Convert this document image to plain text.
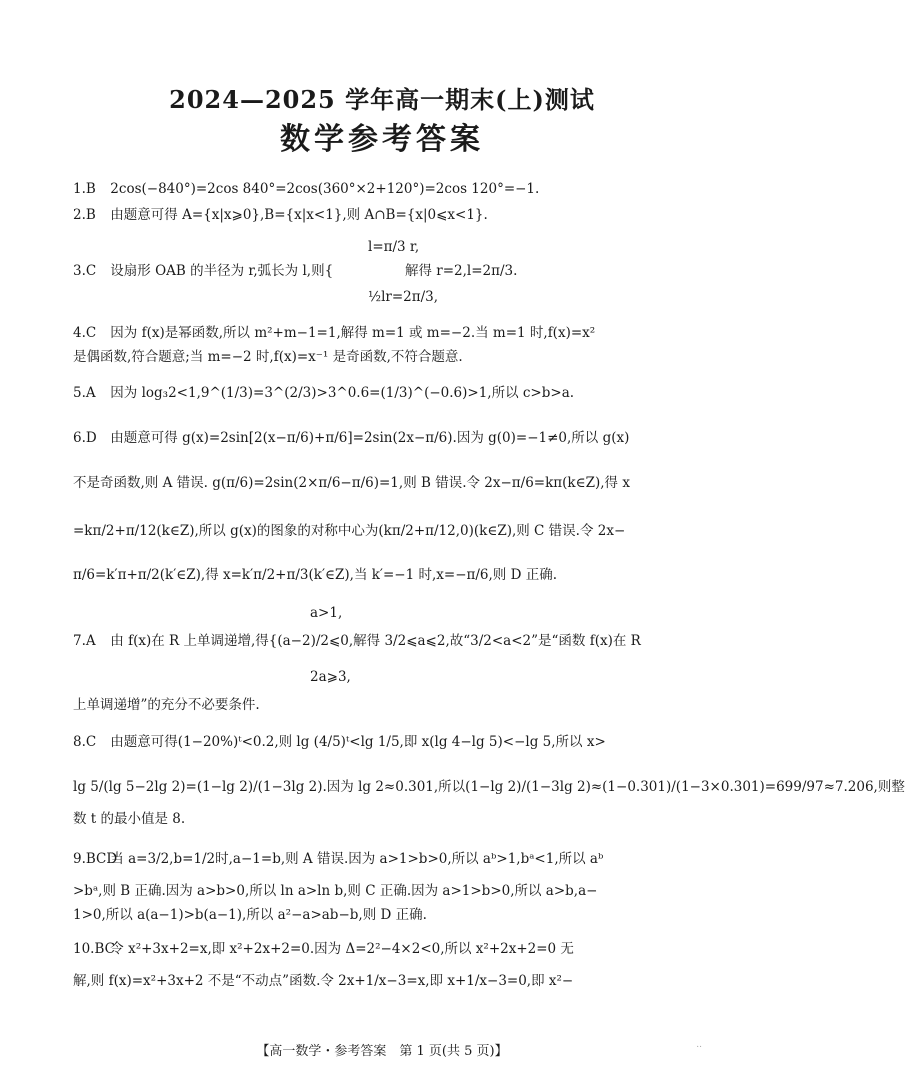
2024—2025 学年高一期末(上)测试
数学参考答案
1.B 2cos(−840°)=2cos 840°=2cos(360°×2+120°)=2cos 120°=−1.
2.B 由题意可得 A={x|x⩾0},B={x|x<1},则 A∩B={x|0⩽x<1}.
l=π/3 r,
3.C 设扇形 OAB 的半径为 r,弧长为 l,则{　　　　　 解得 r=2,l=2π/3.
½lr=2π/3,
4.C 因为 f(x)是幂函数,所以 m²+m−1=1,解得 m=1 或 m=−2.当 m=1 时,f(x)=x²
是偶函数,符合题意;当 m=−2 时,f(x)=x⁻¹ 是奇函数,不符合题意.
5.A 因为 log₃2<1,9^(1/3)=3^(2/3)>3^0.6=(1/3)^(−0.6)>1,所以 c>b>a.
6.D 由题意可得 g(x)=2sin[2(x−π/6)+π/6]=2sin(2x−π/6).因为 g(0)=−1≠0,所以 g(x)
不是奇函数,则 A 错误. g(π/6)=2sin(2×π/6−π/6)=1,则 B 错误.令 2x−π/6=kπ(k∈Z),得 x
=kπ/2+π/12(k∈Z),所以 g(x)的图象的对称中心为(kπ/2+π/12,0)(k∈Z),则 C 错误.令 2x−
π/6=k′π+π/2(k′∈Z),得 x=k′π/2+π/3(k′∈Z),当 k′=−1 时,x=−π/6,则 D 正确.
a>1,
7.A 由 f(x)在 R 上单调递增,得{(a−2)/2⩽0,解得 3/2⩽a⩽2,故“3/2<a<2”是“函数 f(x)在 R
2a⩾3,
上单调递增”的充分不必要条件.
8.C 由题意可得(1−20%)ᵗ<0.2,则 lg (4/5)ᵗ<lg 1/5,即 x(lg 4−lg 5)<−lg 5,所以 x>
lg 5/(lg 5−2lg 2)=(1−lg 2)/(1−3lg 2).因为 lg 2≈0.301,所以(1−lg 2)/(1−3lg 2)≈(1−0.301)/(1−3×0.301)=699/97≈7.206,则整
数 t 的最小值是 8.
9.BCD 当 a=3/2,b=1/2时,a−1=b,则 A 错误.因为 a>1>b>0,所以 aᵇ>1,bᵃ<1,所以 aᵇ
>bᵃ,则 B 正确.因为 a>b>0,所以 ln a>ln b,则 C 正确.因为 a>1>b>0,所以 a>b,a−
1>0,所以 a(a−1)>b(a−1),所以 a²−a>ab−b,则 D 正确.
10.BC 令 x²+3x+2=x,即 x²+2x+2=0.因为 Δ=2²−4×2<0,所以 x²+2x+2=0 无
解,则 f(x)=x²+3x+2 不是“不动点”函数.令 2x+1/x−3=x,即 x+1/x−3=0,即 x²−
【高一数学・参考答案　第 1 页(共 5 页)】	..
